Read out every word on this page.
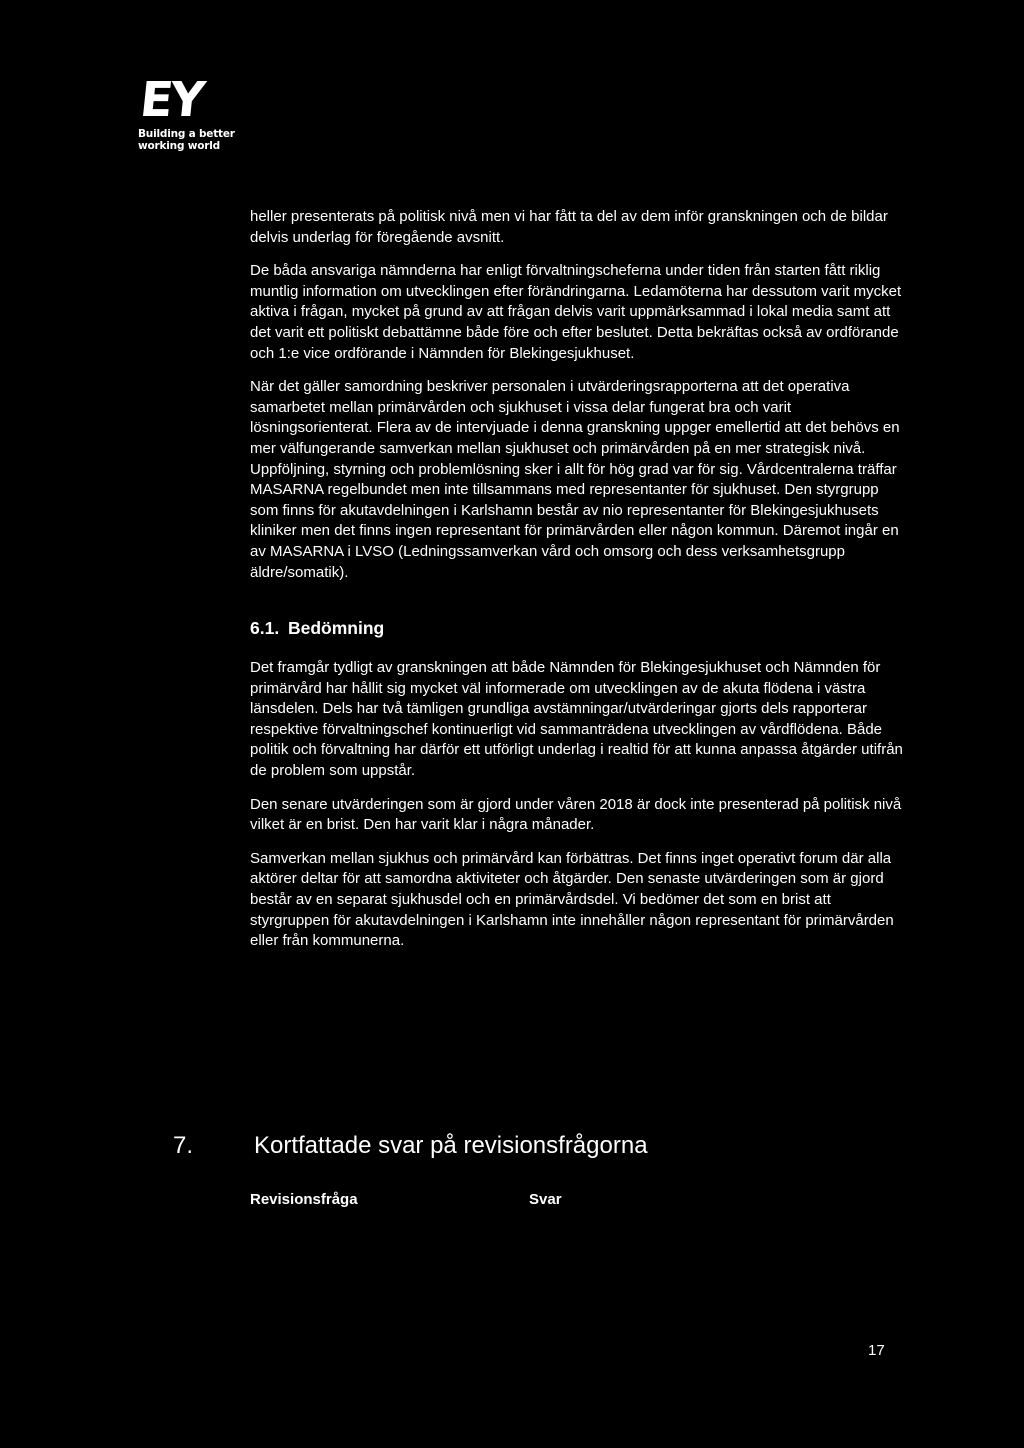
EY
Building a better
working world

heller presenterats på politisk nivå men vi har fått ta del av dem inför granskningen och de bildar delvis underlag för föregående avsnitt.

De båda ansvariga nämnderna har enligt förvaltningscheferna under tiden från starten fått riklig muntlig information om utvecklingen efter förändringarna. Ledamöterna har dessutom varit mycket aktiva i frågan, mycket på grund av att frågan delvis varit uppmärksammad i lokal media samt att det varit ett politiskt debattämne både före och efter beslutet. Detta bekräftas också av ordförande och 1:e vice ordförande i Nämnden för Blekingesjukhuset.

När det gäller samordning beskriver personalen i utvärderingsrapporterna att det operativa samarbetet mellan primärvården och sjukhuset i vissa delar fungerat bra och varit lösningsorienterat. Flera av de intervjuade i denna granskning uppger emellertid att det behövs en mer välfungerande samverkan mellan sjukhuset och primärvården på en mer strategisk nivå. Uppföljning, styrning och problemlösning sker i allt för hög grad var för sig. Vårdcentralerna träffar MASARNA regelbundet men inte tillsammans med representanter för sjukhuset. Den styrgrupp som finns för akutavdelningen i Karlshamn består av nio representanter för Blekingesjukhusets kliniker men det finns ingen representant för primärvården eller någon kommun. Däremot ingår en av MASARNA i LVSO (Ledningssamverkan vård och omsorg och dess verksamhetsgrupp äldre/somatik).

6.1. Bedömning

Det framgår tydligt av granskningen att både Nämnden för Blekingesjukhuset och Nämnden för primärvård har hållit sig mycket väl informerade om utvecklingen av de akuta flödena i västra länsdelen. Dels har två tämligen grundliga avstämningar/utvärderingar gjorts dels rapporterar respektive förvaltningschef kontinuerligt vid sammanträdena utvecklingen av vårdflödena. Både politik och förvaltning har därför ett utförligt underlag i realtid för att kunna anpassa åtgärder utifrån de problem som uppstår.

Den senare utvärderingen som är gjord under våren 2018 är dock inte presenterad på politisk nivå vilket är en brist. Den har varit klar i några månader.

Samverkan mellan sjukhus och primärvård kan förbättras. Det finns inget operativt forum där alla aktörer deltar för att samordna aktiviteter och åtgärder. Den senaste utvärderingen som är gjord består av en separat sjukhusdel och en primärvårdsdel. Vi bedömer det som en brist att styrgruppen för akutavdelningen i Karlshamn inte innehåller någon representant för primärvården eller från kommunerna.

7.	Kortfattade svar på revisionsfrågorna
Revisionsfråga	Svar
17
